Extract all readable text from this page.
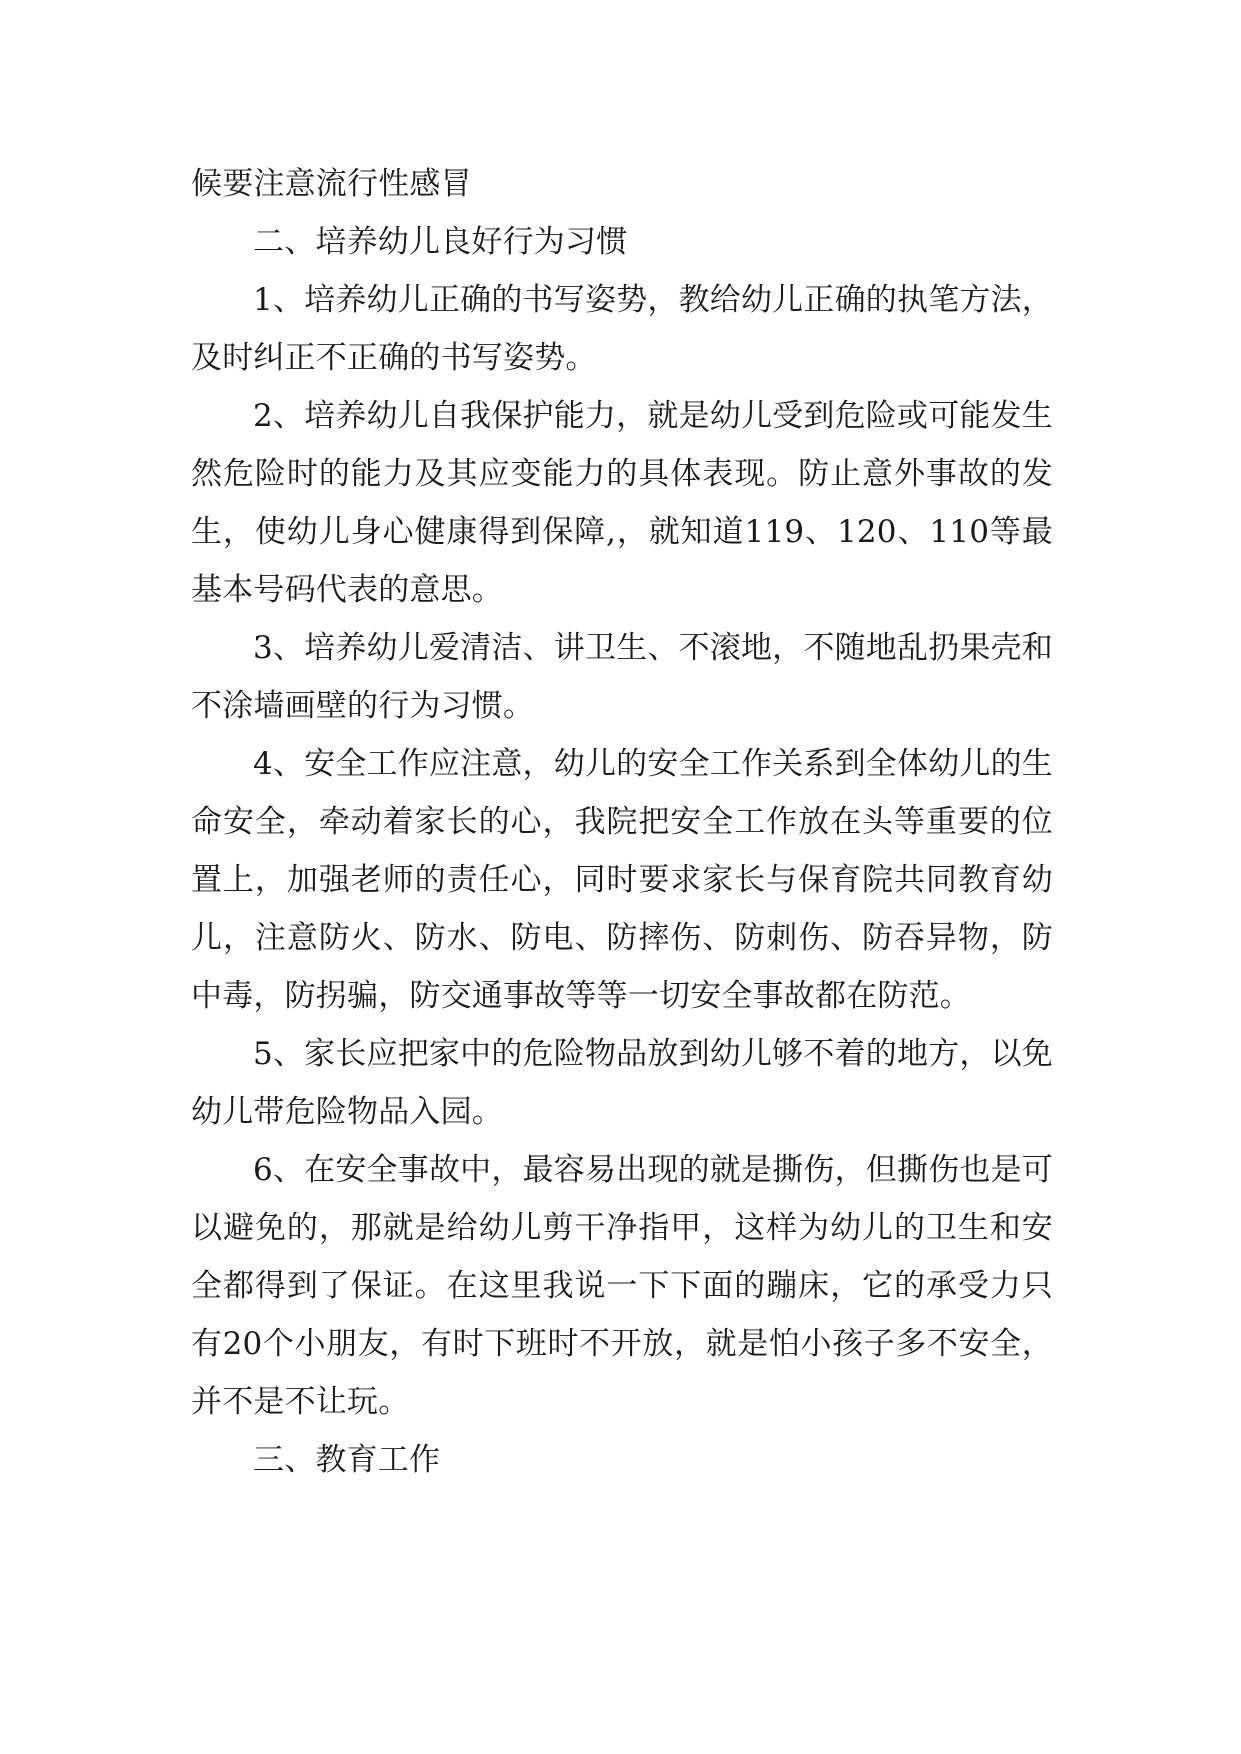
候要注意流行性感冒

二、培养幼儿良好行为习惯

1、培养幼儿正确的书写姿势，教给幼儿正确的执笔方法，及时纠正不正确的书写姿势。

2、培养幼儿自我保护能力，就是幼儿受到危险或可能发生然危险时的能力及其应变能力的具体表现。防止意外事故的发生，使幼儿身心健康得到保障,，就知道119、120、110等最基本号码代表的意思。

3、培养幼儿爱清洁、讲卫生、不滚地，不随地乱扔果壳和不涂墙画壁的行为习惯。

4、安全工作应注意，幼儿的安全工作关系到全体幼儿的生命安全，牵动着家长的心，我院把安全工作放在头等重要的位置上，加强老师的责任心，同时要求家长与保育院共同教育幼儿，注意防火、防水、防电、防摔伤、防刺伤、防吞异物，防中毒，防拐骗，防交通事故等等一切安全事故都在防范。

5、家长应把家中的危险物品放到幼儿够不着的地方，以免幼儿带危险物品入园。

6、在安全事故中，最容易出现的就是撕伤，但撕伤也是可以避免的，那就是给幼儿剪干净指甲，这样为幼儿的卫生和安全都得到了保证。在这里我说一下下面的蹦床，它的承受力只有20个小朋友，有时下班时不开放，就是怕小孩子多不安全，并不是不让玩。

三、教育工作
